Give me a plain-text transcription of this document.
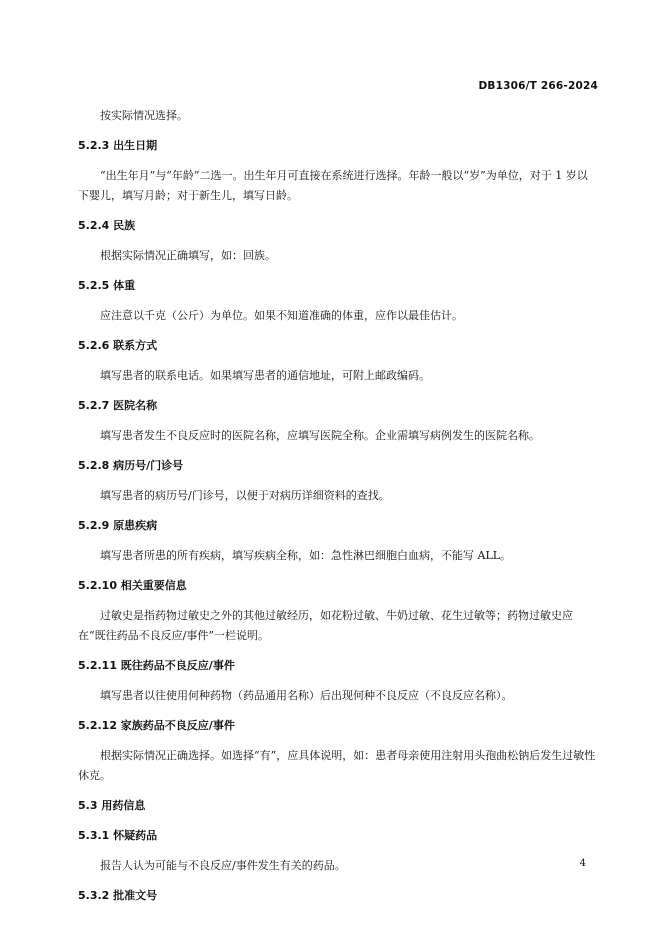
DB1306/T 266-2024

按实际情况选择。

5.2.3 出生日期

“出生年月”与“年龄”二选一。出生年月可直接在系统进行选择。年龄一般以“岁”为单位，对于 1 岁以下婴儿，填写月龄；对于新生儿，填写日龄。

5.2.4 民族

根据实际情况正确填写，如：回族。

5.2.5 体重

应注意以千克（公斤）为单位。如果不知道准确的体重，应作以最佳估计。

5.2.6 联系方式

填写患者的联系电话。如果填写患者的通信地址，可附上邮政编码。

5.2.7 医院名称

填写患者发生不良反应时的医院名称，应填写医院全称。企业需填写病例发生的医院名称。

5.2.8 病历号/门诊号

填写患者的病历号/门诊号，以便于对病历详细资料的查找。

5.2.9 原患疾病

填写患者所患的所有疾病，填写疾病全称，如：急性淋巴细胞白血病，不能写 ALL。

5.2.10 相关重要信息

过敏史是指药物过敏史之外的其他过敏经历，如花粉过敏、牛奶过敏、花生过敏等；药物过敏史应在“既往药品不良反应/事件”一栏说明。

5.2.11 既往药品不良反应/事件

填写患者以往使用何种药物（药品通用名称）后出现何种不良反应（不良反应名称）。

5.2.12 家族药品不良反应/事件

根据实际情况正确选择。如选择“有”，应具体说明，如：患者母亲使用注射用头孢曲松钠后发生过敏性休克。

5.3 用药信息

5.3.1 怀疑药品

报告人认为可能与不良反应/事件发生有关的药品。

5.3.2 批准文号

4
